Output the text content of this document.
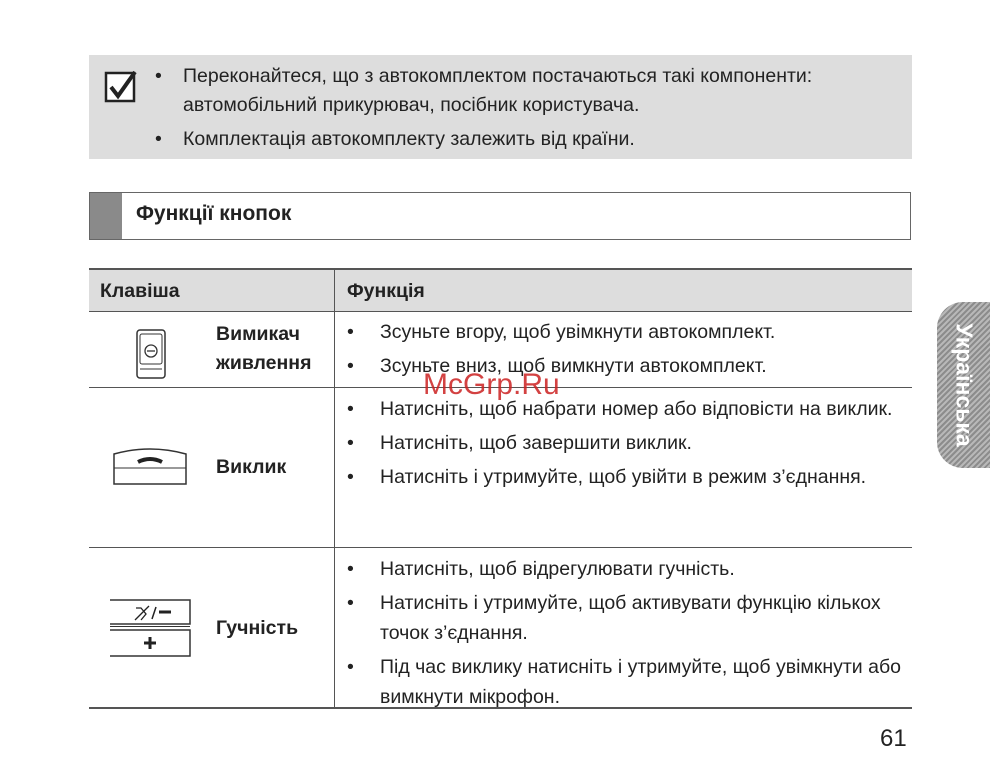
• Переконайтеся, що з автокомплектом постачаються такі компоненти: автомобільний прикурювач, посібник користувача.
• Комплектація автокомплекту залежить від країни.
Функції кнопок
Клавіша	Функція
Вимикач живлення
• Зсуньте вгору, щоб увімкнути автокомплект.
• Зсуньте вниз, щоб вимкнути автокомплект.
Виклик
• Натисніть, щоб набрати номер або відповісти на виклик.
• Натисніть, щоб завершити виклик.
• Натисніть і утримуйте, щоб увійти в режим з’єднання.
Гучність
• Натисніть, щоб відрегулювати гучність.
• Натисніть і утримуйте, щоб активувати функцію кількох точок з’єднання.
• Під час виклику натисніть і утримуйте, щоб увімкнути або вимкнути мікрофон.
Українська
McGrp.Ru
61
